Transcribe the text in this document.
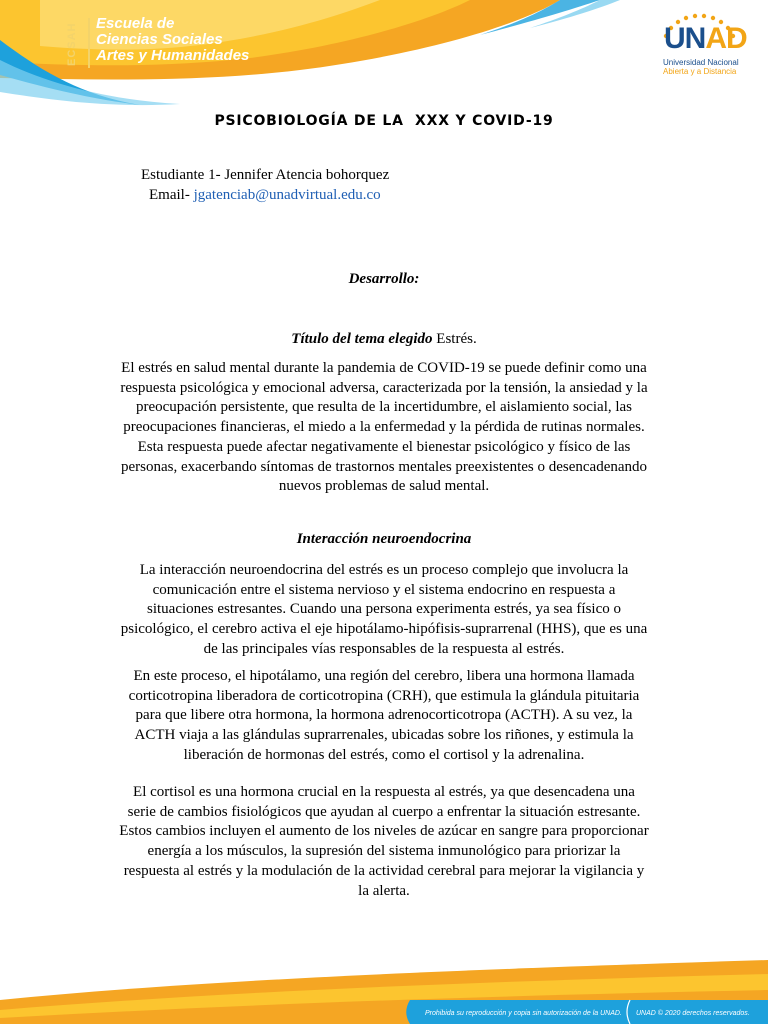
ECSAH	Escuela de
Ciencias Sociales
Artes y Humanidades
UNAD
Universidad Nacional
Abierta y a Distancia
PSICOBIOLOGÍA DE LA  XXX Y COVID-19
Estudiante 1- Jennifer Atencia bohorquez
Email- jgatenciab@unadvirtual.edu.co
Desarrollo:
Título del tema elegido Estrés.
El estrés en salud mental durante la pandemia de COVID-19 se puede definir como una
respuesta psicológica y emocional adversa, caracterizada por la tensión, la ansiedad y la
preocupación persistente, que resulta de la incertidumbre, el aislamiento social, las
preocupaciones financieras, el miedo a la enfermedad y la pérdida de rutinas normales.
Esta respuesta puede afectar negativamente el bienestar psicológico y físico de las
personas, exacerbando síntomas de trastornos mentales preexistentes o desencadenando
nuevos problemas de salud mental.
Interacción neuroendocrina
La interacción neuroendocrina del estrés es un proceso complejo que involucra la
comunicación entre el sistema nervioso y el sistema endocrino en respuesta a
situaciones estresantes. Cuando una persona experimenta estrés, ya sea físico o
psicológico, el cerebro activa el eje hipotálamo-hipófisis-suprarrenal (HHS), que es una
de las principales vías responsables de la respuesta al estrés.
En este proceso, el hipotálamo, una región del cerebro, libera una hormona llamada
corticotropina liberadora de corticotropina (CRH), que estimula la glándula pituitaria
para que libere otra hormona, la hormona adrenocorticotropa (ACTH). A su vez, la
ACTH viaja a las glándulas suprarrenales, ubicadas sobre los riñones, y estimula la
liberación de hormonas del estrés, como el cortisol y la adrenalina.
El cortisol es una hormona crucial en la respuesta al estrés, ya que desencadena una
serie de cambios fisiológicos que ayudan al cuerpo a enfrentar la situación estresante.
Estos cambios incluyen el aumento de los niveles de azúcar en sangre para proporcionar
energía a los músculos, la supresión del sistema inmunológico para priorizar la
respuesta al estrés y la modulación de la actividad cerebral para mejorar la vigilancia y
la alerta.
Prohibida su reproducción y copia sin autorización de la UNAD. UNAD © 2020 derechos reservados.
